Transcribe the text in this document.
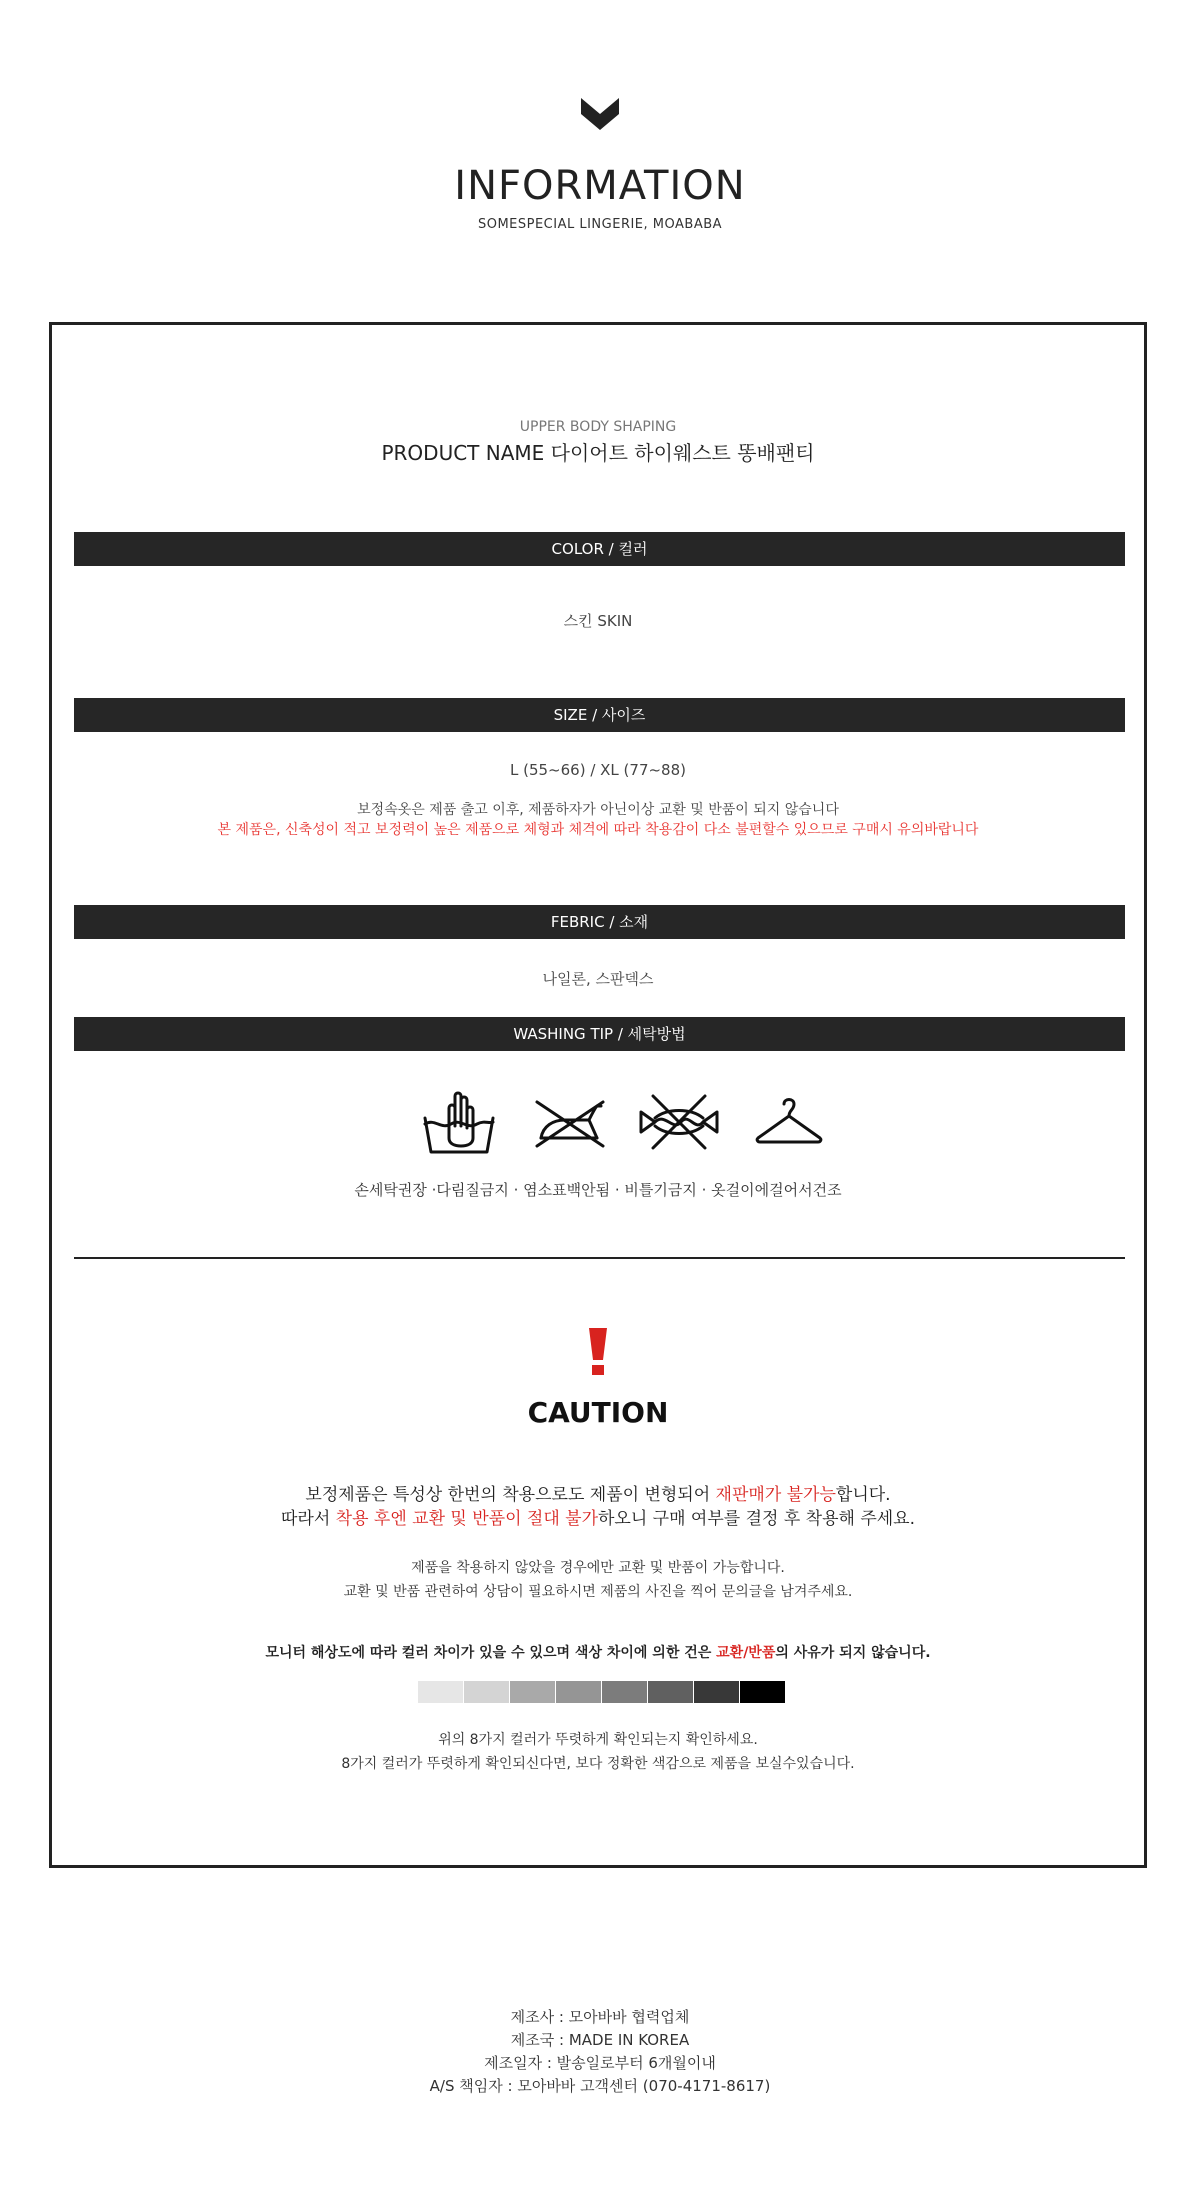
INFORMATION
SOMESPECIAL LINGERIE, MOABABA
UPPER BODY SHAPING
PRODUCT NAME 다이어트 하이웨스트 똥배팬티
COLOR / 컬러
스킨 SKIN
SIZE / 사이즈
L (55~66) / XL (77~88)
보정속옷은 제품 출고 이후, 제품하자가 아닌이상 교환 및 반품이 되지 않습니다
본 제품은, 신축성이 적고 보정력이 높은 제품으로 체형과 체격에 따라 착용감이 다소 불편할수 있으므로 구매시 유의바랍니다
FEBRIC / 소재
나일론, 스판덱스
WASHING TIP / 세탁방법
손세탁권장 ·다림질금지 · 염소표백안됨 · 비틀기금지 · 옷걸이에걸어서건조
CAUTION
보정제품은 특성상 한번의 착용으로도 제품이 변형되어 재판매가 불가능합니다.
따라서 착용 후엔 교환 및 반품이 절대 불가하오니 구매 여부를 결정 후 착용해 주세요.
제품을 착용하지 않았을 경우에만 교환 및 반품이 가능합니다.
교환 및 반품 관련하여 상담이 필요하시면 제품의 사진을 찍어 문의글을 남겨주세요.
모니터 해상도에 따라 컬러 차이가 있을 수 있으며 색상 차이에 의한 건은 교환/반품의 사유가 되지 않습니다.
위의 8가지 컬러가 뚜렷하게 확인되는지 확인하세요.
8가지 컬러가 뚜렷하게 확인되신다면, 보다 정확한 색감으로 제품을 보실수있습니다.
제조사 : 모아바바 협력업체
제조국 : MADE IN KOREA
제조일자 : 발송일로부터 6개월이내
A/S 책임자 : 모아바바 고객센터 (070-4171-8617)
